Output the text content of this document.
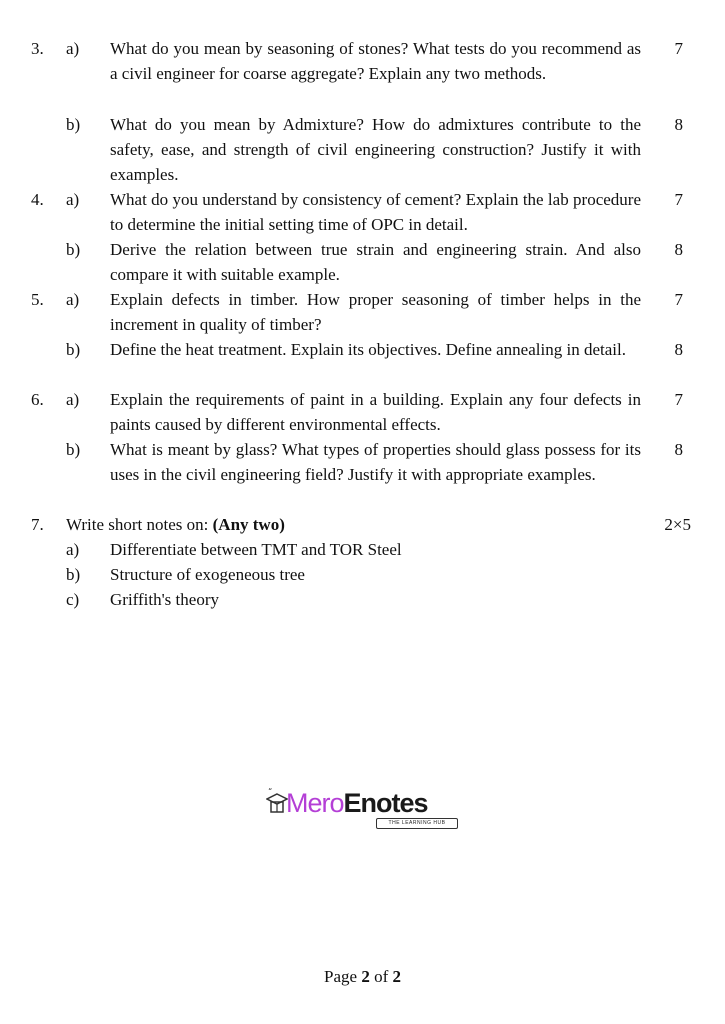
3. a) What do you mean by seasoning of stones? What tests do you recommend as a civil engineer for coarse aggregate? Explain any two methods.
7
b) What do you mean by Admixture? How do admixtures contribute to the safety, ease, and strength of civil engineering construction? Justify it with examples.
8
4. a) What do you understand by consistency of cement? Explain the lab procedure to determine the initial setting time of OPC in detail.
7
b) Derive the relation between true strain and engineering strain. And also compare it with suitable example.
8
5. a) Explain defects in timber. How proper seasoning of timber helps in the increment in quality of timber?
7
b) Define the heat treatment. Explain its objectives. Define annealing in detail.	8
6. a) Explain the requirements of paint in a building. Explain any four defects in paints caused by different environmental effects.
7
b) What is meant by glass? What types of properties should glass possess for its uses in the civil engineering field? Justify it with appropriate examples.
8
7. Write short notes on: (Any two)	2×5
a) Differentiate between TMT and TOR Steel
b) Structure of exogeneous tree
c) Griffith's theory
“ MeroEnotes
THE LEARNING HUB
Page 2 of 2
